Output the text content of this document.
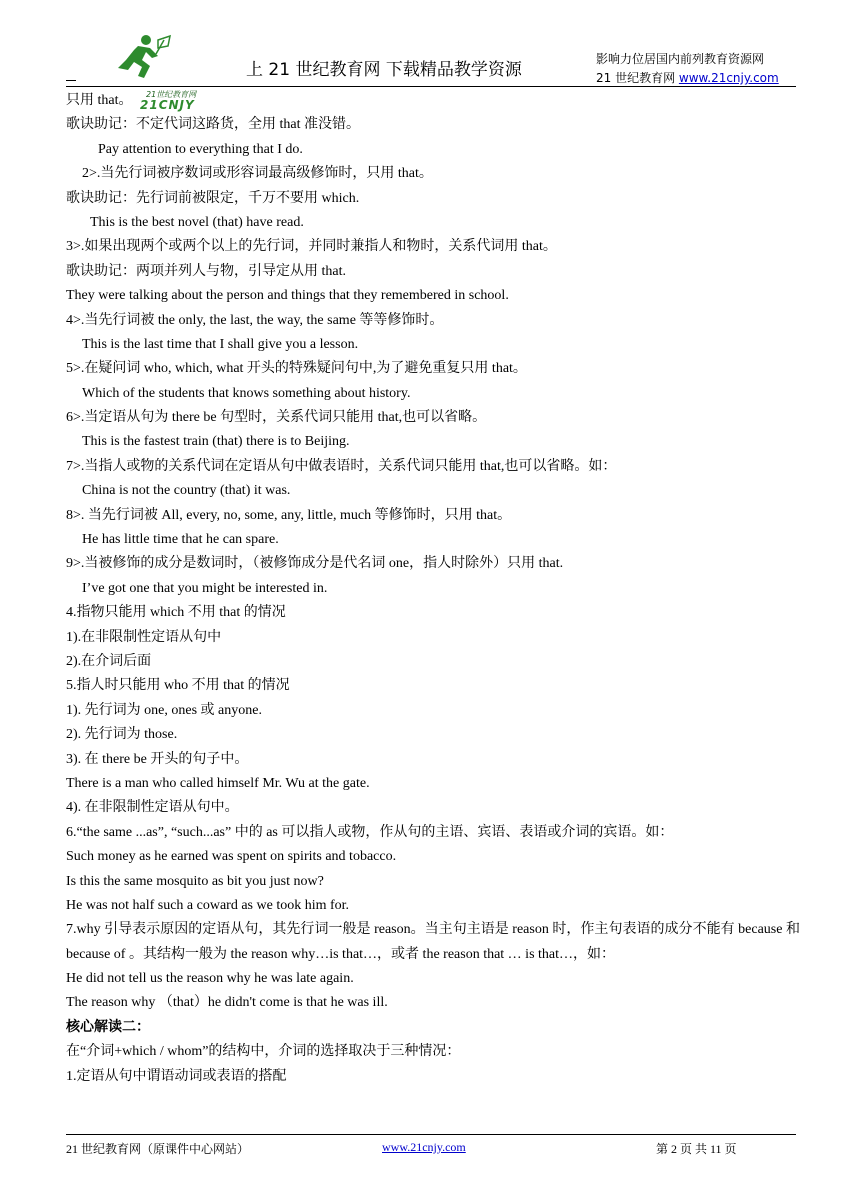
21世纪教育网
21CNJY
上 21 世纪教育网 下载精品教学资源
影响力位居国内前列教育资源网
21 世纪教育网 www.21cnjy.com
只用 that。
歌诀助记：不定代词这路货，全用 that 准没错。
Pay attention to everything that I do.
2>.当先行词被序数词或形容词最高级修饰时，只用 that。
歌诀助记：先行词前被限定，千万不要用 which.
This is the best novel (that) have read.
3>.如果出现两个或两个以上的先行词，并同时兼指人和物时，关系代词用 that。
歌诀助记：两项并列人与物，引导定从用 that.
They were talking about the person and things that they remembered in school.
4>.当先行词被 the only, the last, the way, the same 等等修饰时。
This is the last time that I shall give you a lesson.
5>.在疑问词 who, which, what 开头的特殊疑问句中,为了避免重复只用 that。
Which of the students that knows something about history.
6>.当定语从句为 there be 句型时，关系代词只能用 that,也可以省略。
This is the fastest train (that) there is to Beijing.
7>.当指人或物的关系代词在定语从句中做表语时，关系代词只能用 that,也可以省略。如：
China is not the country (that) it was.
8>. 当先行词被 All, every, no, some, any, little, much 等修饰时，只用 that。
He has little time that he can spare.
9>.当被修饰的成分是数词时，（被修饰成分是代名词 one，指人时除外）只用 that.
I’ve got one that you might be interested in.
4.指物只能用 which 不用 that 的情况
1).在非限制性定语从句中
2).在介词后面
5.指人时只能用 who 不用 that 的情况
1). 先行词为 one, ones 或 anyone.
2). 先行词为 those.
3). 在 there be 开头的句子中。
There is a man who called himself Mr. Wu at the gate.
4). 在非限制性定语从句中。
6.“the same ...as”, “such...as” 中的 as 可以指人或物，作从句的主语、宾语、表语或介词的宾语。如：
Such money as he earned was spent on spirits and tobacco.
Is this the same mosquito as bit you just now?
He was not half such a coward as we took him for.
7.why 引导表示原因的定语从句，其先行词一般是 reason。当主句主语是 reason 时，作主句表语的成分不能有 because 和 because of 。其结构一般为 the reason why…is that…，或者 the reason that … is that…，如：
He did not tell us the reason why he was late again.
The reason why （that）he didn't come is that he was ill.
核心解读二：
在“介词+which / whom”的结构中，介词的选择取决于三种情况：
1.定语从句中谓语动词或表语的搭配
21 世纪教育网（原课件中心网站）	www.21cnjy.com	第 2 页 共 11 页
